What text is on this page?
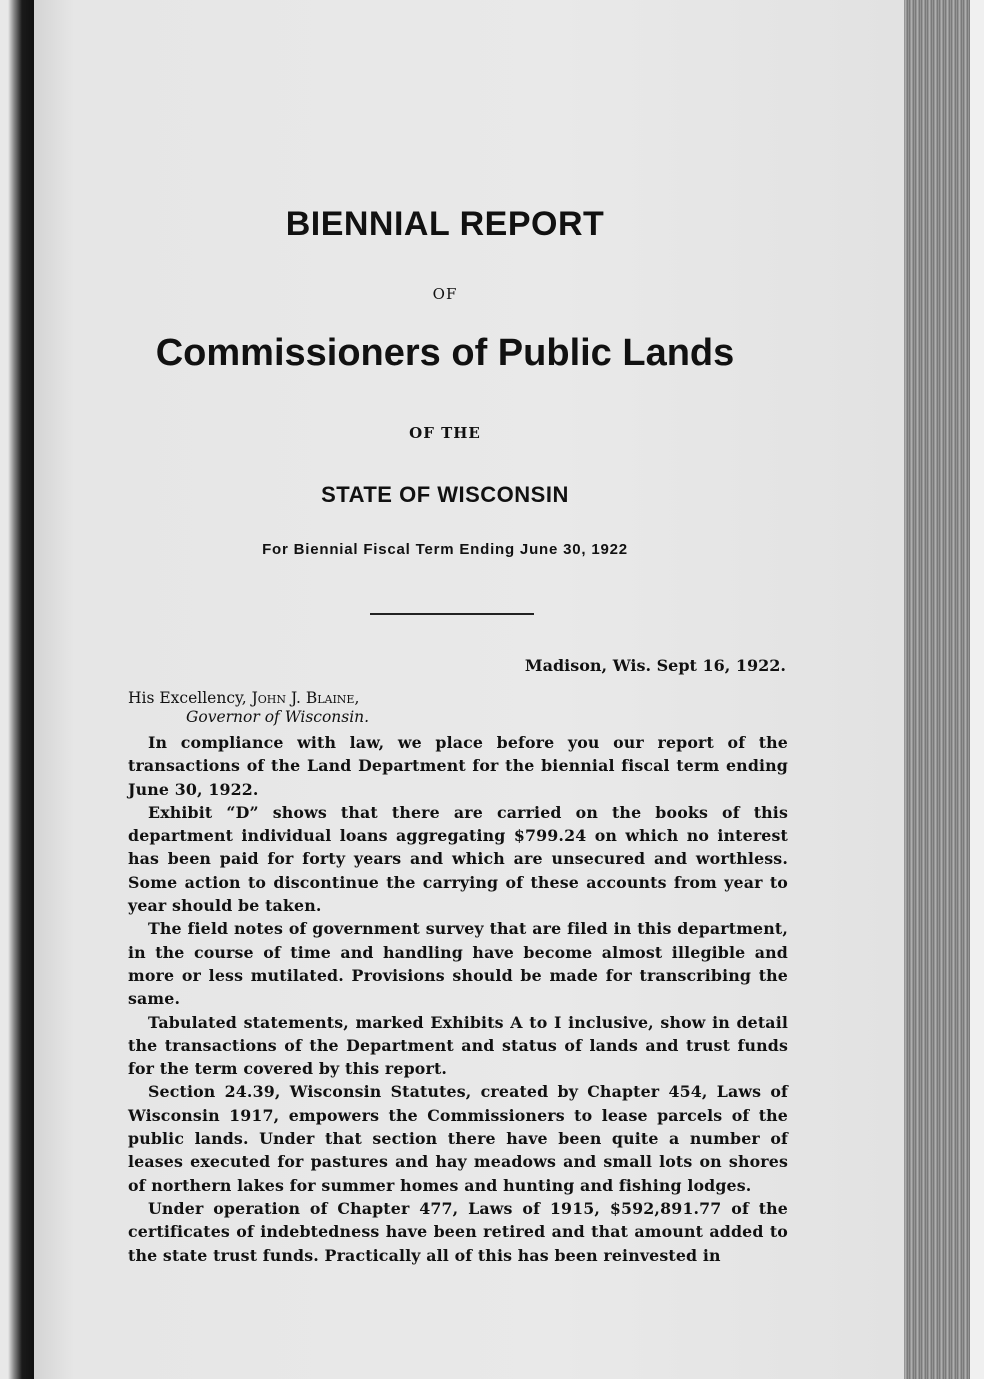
BIENNIAL REPORT
OF
Commissioners of Public Lands
OF THE
STATE OF WISCONSIN
For Biennial Fiscal Term Ending June 30, 1922
Madison, Wis. Sept 16, 1922.
His Excellency, John J. Blaine,
Governor of Wisconsin.

In compliance with law, we place before you our report of the transactions of the Land Department for the biennial fiscal term ending June 30, 1922.

Exhibit “D” shows that there are carried on the books of this department individual loans aggregating $799.24 on which no interest has been paid for forty years and which are unsecured and worthless. Some action to discontinue the carrying of these accounts from year to year should be taken.

The field notes of government survey that are filed in this department, in the course of time and handling have become almost illegible and more or less mutilated. Provisions should be made for transcribing the same.

Tabulated statements, marked Exhibits A to I inclusive, show in detail the transactions of the Department and status of lands and trust funds for the term covered by this report.

Section 24.39, Wisconsin Statutes, created by Chapter 454, Laws of Wisconsin 1917, empowers the Commissioners to lease parcels of the public lands. Under that section there have been quite a number of leases executed for pastures and hay meadows and small lots on shores of northern lakes for summer homes and hunting and fishing lodges.

Under operation of Chapter 477, Laws of 1915, $592,891.77 of the certificates of indebtedness have been retired and that amount added to the state trust funds. Practically all of this has been reinvested in
